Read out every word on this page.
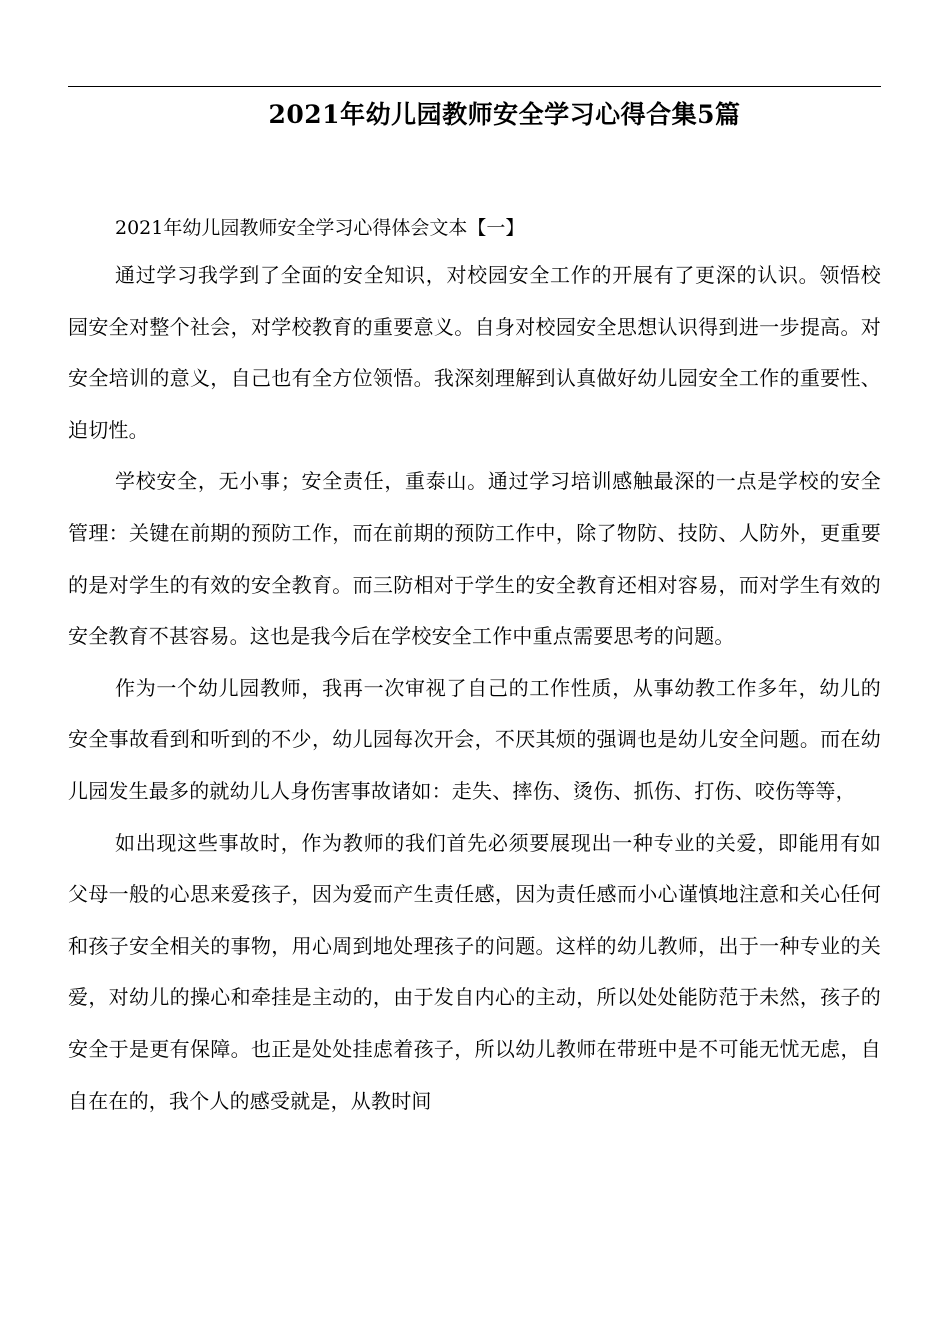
2021年幼儿园教师安全学习心得合集5篇

2021年幼儿园教师安全学习心得体会文本【一】

通过学习我学到了全面的安全知识，对校园安全工作的开展有了更深的认识。领悟校园安全对整个社会，对学校教育的重要意义。自身对校园安全思想认识得到进一步提高。对安全培训的意义，自己也有全方位领悟。我深刻理解到认真做好幼儿园安全工作的重要性、迫切性。

学校安全，无小事；安全责任，重泰山。通过学习培训感触最深的一点是学校的安全管理：关键在前期的预防工作，而在前期的预防工作中，除了物防、技防、人防外，更重要的是对学生的有效的安全教育。而三防相对于学生的安全教育还相对容易，而对学生有效的安全教育不甚容易。这也是我今后在学校安全工作中重点需要思考的问题。

作为一个幼儿园教师，我再一次审视了自己的工作性质，从事幼教工作多年，幼儿的安全事故看到和听到的不少，幼儿园每次开会，不厌其烦的强调也是幼儿安全问题。而在幼儿园发生最多的就幼儿人身伤害事故诸如：走失、摔伤、烫伤、抓伤、打伤、咬伤等等，

如出现这些事故时，作为教师的我们首先必须要展现出一种专业的关爱，即能用有如父母一般的心思来爱孩子，因为爱而产生责任感，因为责任感而小心谨慎地注意和关心任何和孩子安全相关的事物，用心周到地处理孩子的问题。这样的幼儿教师，出于一种专业的关爱，对幼儿的操心和牵挂是主动的，由于发自内心的主动，所以处处能防范于未然，孩子的安全于是更有保障。也正是处处挂虑着孩子，所以幼儿教师在带班中是不可能无忧无虑，自自在在的，我个人的感受就是，从教时间
